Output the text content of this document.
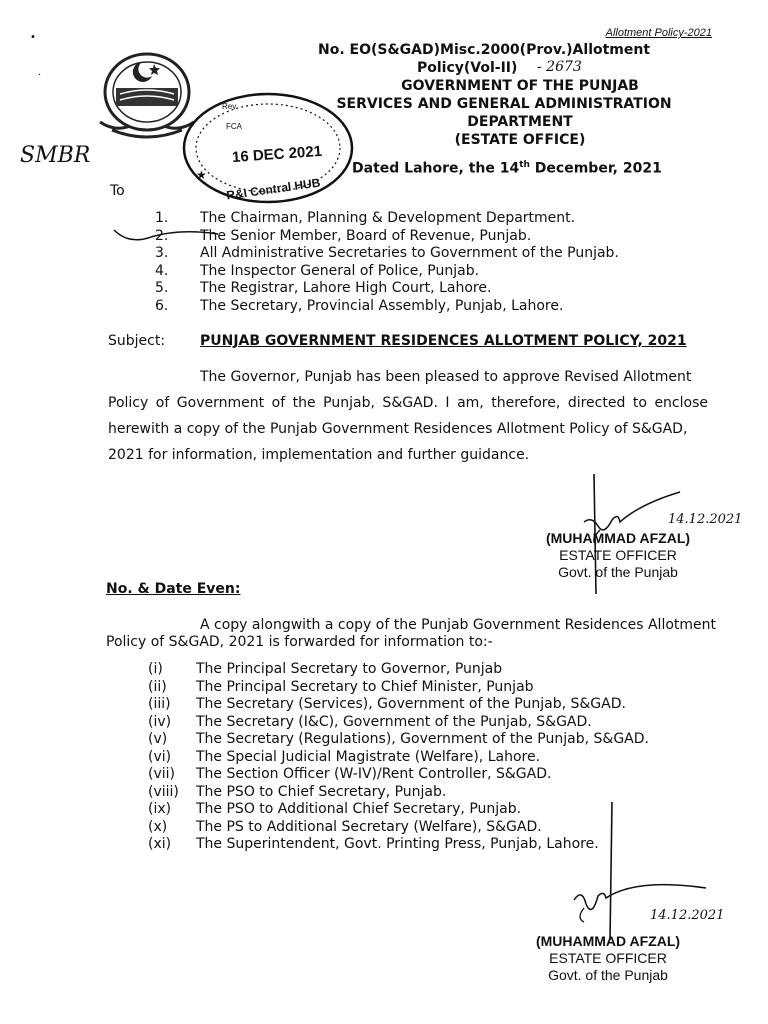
Allotment Policy-2021
Rev
FCA
16 DEC 2021
R&I Central HUB
★
No. EO(S&GAD)Misc.2000(Prov.)Allotment
Policy(Vol-II) - 2673
GOVERNMENT OF THE PUNJAB
SERVICES AND GENERAL ADMINISTRATION
DEPARTMENT
(ESTATE OFFICE)
SMBR
Dated Lahore, the 14th December, 2021
To
1. The Chairman, Planning & Development Department.
2. The Senior Member, Board of Revenue, Punjab.
3. All Administrative Secretaries to Government of the Punjab.
4. The Inspector General of Police, Punjab.
5. The Registrar, Lahore High Court, Lahore.
6. The Secretary, Provincial Assembly, Punjab, Lahore.
Subject: PUNJAB GOVERNMENT RESIDENCES ALLOTMENT POLICY, 2021
The Governor, Punjab has been pleased to approve Revised Allotment
Policy of Government of the Punjab, S&GAD. I am, therefore, directed to enclose
herewith a copy of the Punjab Government Residences Allotment Policy of S&GAD,
2021 for information, implementation and further guidance.
14.12.2021
(MUHAMMAD AFZAL)
ESTATE OFFICER
Govt. of the Punjab
No. & Date Even:
A copy alongwith a copy of the Punjab Government Residences Allotment
Policy of S&GAD, 2021 is forwarded for information to:-
(i) The Principal Secretary to Governor, Punjab
(ii) The Principal Secretary to Chief Minister, Punjab
(iii) The Secretary (Services), Government of the Punjab, S&GAD.
(iv) The Secretary (I&C), Government of the Punjab, S&GAD.
(v) The Secretary (Regulations), Government of the Punjab, S&GAD.
(vi) The Special Judicial Magistrate (Welfare), Lahore.
(vii) The Section Officer (W-IV)/Rent Controller, S&GAD.
(viii) The PSO to Chief Secretary, Punjab.
(ix) The PSO to Additional Chief Secretary, Punjab.
(x) The PS to Additional Secretary (Welfare), S&GAD.
(xi) The Superintendent, Govt. Printing Press, Punjab, Lahore.
14.12.2021
(MUHAMMAD AFZAL)
ESTATE OFFICER
Govt. of the Punjab
•
·
